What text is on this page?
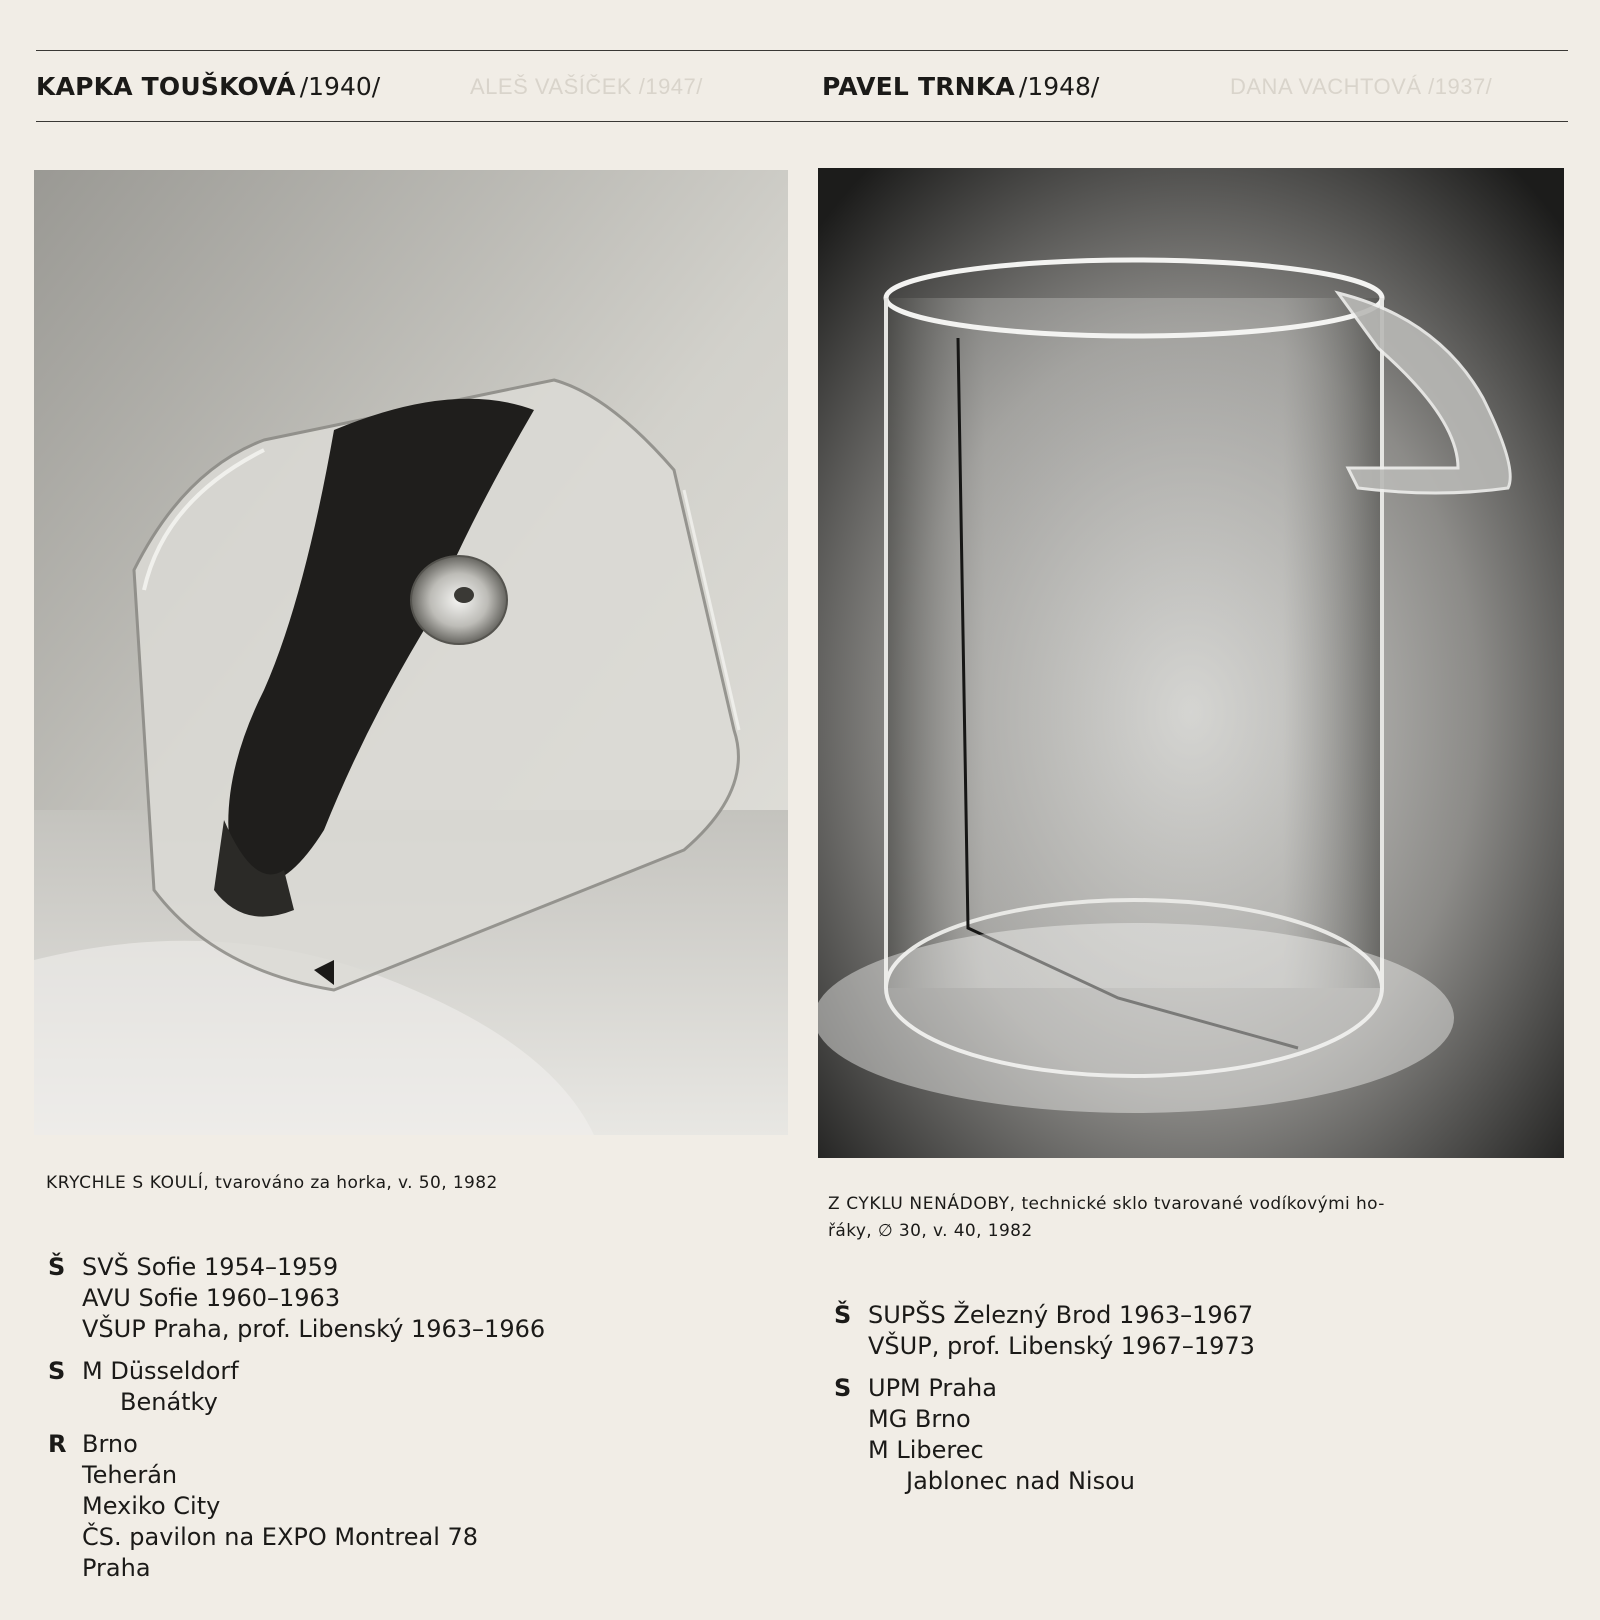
ALEŠ VAŠÍČEK /1947/	DANA VACHTOVÁ /1937/
KAPKA TOUŠKOVÁ /1940/	PAVEL TRNKA /1948/
KRYCHLE S KOULÍ, tvarováno za horka, v. 50, 1982
Z CYKLU NENÁDOBY, technické sklo tvarované vodíkovými ho-
řáky, ∅ 30, v. 40, 1982
Š SVŠ Sofie 1954–1959
AVU Sofie 1960–1963
VŠUP Praha, prof. Libenský 1963–1966
S M Düsseldorf
Benátky
R Brno
Teherán
Mexiko City
ČS. pavilon na EXPO Montreal 78
Praha
Š SUPŠS Železný Brod 1963–1967
VŠUP, prof. Libenský 1967–1973
S UPM Praha
MG Brno
M Liberec
Jablonec nad Nisou
